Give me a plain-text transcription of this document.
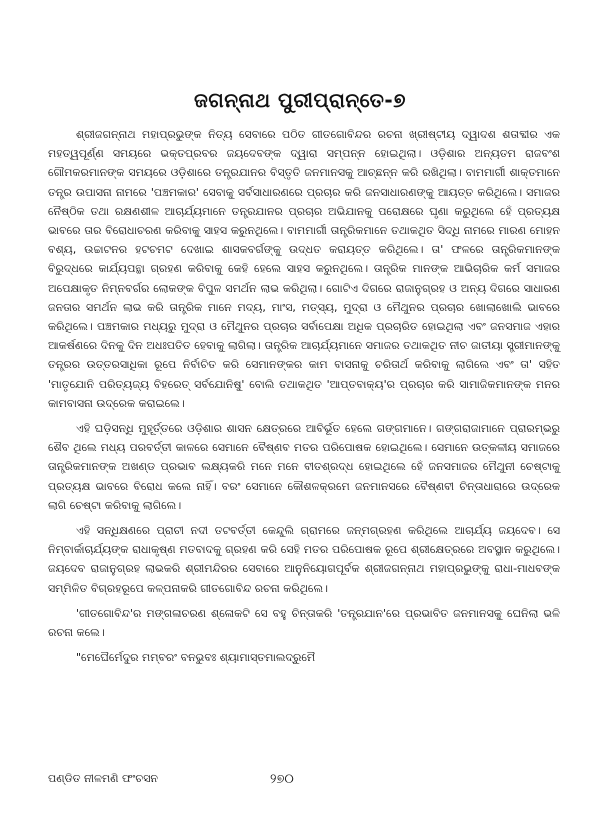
ଜଗନ୍ନାଥ ପୁରୀପ୍ରାନ୍ତେ-୭

ଶ୍ରୀଜଗନ୍ନାଥ ମହାପ୍ରଭୁଙ୍କ ନିତ୍ୟ ସେବାରେ ପଠିତ ଗୀତଗୋବିନ୍ଦର ରଚନା ଖ୍ରୀଷ୍ଟୀୟ ଦ୍ୱାଦଶ ଶତାବ୍ଦୀର ଏକ ମହତ୍ୱପୂର୍ଣ୍ଣ ସମୟରେ ଭକ୍ତପ୍ରବର ଜୟଦେବଙ୍କ ଦ୍ୱାରା ସମ୍ପନ୍ନ ହୋଇଥିଲା। ଓଡ଼ିଶାର ଅନ୍ୟତମ ରାଜବଂଶ ଗୌମକରମାନଙ୍କ ସମୟରେ ଓଡ଼ିଶାରେ ତନ୍ତ୍ରଯାନର ବିସ୍ତୃତି ଜନମାନସକୁ ଆଚ୍ଛନ୍ନ କରି ରଖିଥିଲା। ବାମମାର୍ଗୀ ଶାକ୍ତମାନେ ତନ୍ତ୍ର ଉପାସନା ନାମରେ 'ପଞ୍ଚମକାର' ସେବାକୁ ସର୍ବସାଧାରଣରେ ପ୍ରଚାର କରି ଜନସାଧାରଣଙ୍କୁ ଆୟତ୍ତ କରିଥିଲେ। ସମାଜର ନୈଷ୍ଠିକ ତଥା ରକ୍ଷଣଶୀଳ ଆଚାର୍ଯ୍ୟମାନେ ତନ୍ତ୍ରଯାନର ପ୍ରଚାର ଅଭିଯାନକୁ ପରୋକ୍ଷରେ ଘୃଣା କରୁଥିଲେ ହେଁ ପ୍ରତ୍ୟକ୍ଷ ଭାବରେ ତାର ବିରୋଧାଚରଣ କରିବାକୁ ସାହସ କରୁନଥିଲେ। ବାମମାର୍ଗୀ ତାନ୍ତ୍ରିକମାନେ ତଥାକଥିତ ସିଦ୍ଧି ନାମରେ ମାରଣ ମୋହନ ବଶ୍ୟ, ଉଚ୍ଚାଟନର ହଟଚମଟ ଦେଖାଇ ଶାସକବର୍ଗଙ୍କୁ ଉଦ୍ଧତ କରାୟତ୍ତ କରିଥିଲେ। ତା' ଫଳରେ ତାନ୍ତ୍ରିକମାନଙ୍କ ବିରୁଦ୍ଧରେ କାର୍ଯ୍ୟପନ୍ଥା ଗ୍ରହଣ କରିବାକୁ କେହି ହେଲେ ସାହସ କରୁନଥିଲେ। ତାନ୍ତ୍ରିକ ମାନଙ୍କ ଆଭିଚାରିକ କର୍ମ ସମାଜର ଅପେକ୍ଷାକୃତ ନିମ୍ନବର୍ଗର ଲୋକଙ୍କ ବିପୁଳ ସମର୍ଥନ ଲାଭ କରିଥିଲା। ଗୋଟିଏ ଦିଗରେ ରାଜାନୁଗ୍ରହ ଓ ଅନ୍ୟ ଦିଗରେ ସାଧାରଣ ଜନତାର ସମର୍ଥନ ଲାଭ କରି ତାନ୍ତ୍ରିକ ମାନେ ମଦ୍ୟ, ମାଂସ, ମତ୍ସ୍ୟ, ମୁଦ୍ରା ଓ ମୈଥୁନର ପ୍ରଚାର ଖୋଲାଖୋଲି ଭାବରେ କରିଥିଲେ। ପଞ୍ଚମକାର ମଧ୍ୟରୁ ମୁଦ୍ରା ଓ ମୈଥୁନର ପ୍ରଚାର ସର୍ବାପେକ୍ଷା ଅଧିକ ପ୍ରଚାରିତ ହୋଇଥିଲା ଏବଂ ଜନସମାଜ ଏହାର ଆକର୍ଷଣରେ ଦିନକୁ ଦିନ ଅଧଃପତିତ ହେବାକୁ ଲାଗିଲା। ତାନ୍ତ୍ରିକ ଆଚାର୍ଯ୍ୟମାନେ ସମାଜର ତଥାକଥିତ ନୀଚ ଜାତୀୟା ସ୍ତ୍ରୀମାନଙ୍କୁ ତନ୍ତ୍ରର ଉତ୍ତରସାଧିକା ରୂପେ ନିର୍ବାଚିତ କରି ସେମାନଙ୍କର କାମ ବାସନାକୁ ଚରିତାର୍ଥ କରିବାକୁ ଲାଗିଲେ ଏବଂ ତା' ସହିତ 'ମାତୃଯୋନି ପରିତ୍ୟଜ୍ୟ ବିହରେତ୍ ସର୍ବଯୋନିଷୁ' ବୋଲି ତଥାକଥିତ 'ଆପ୍ତବାକ୍ୟ'ର ପ୍ରଚାର କରି ସାମାଜିକମାନଙ୍କ ମନର କାମବାସନା ଉଦ୍ରେକ କରାଇଲେ।

ଏହି ଘଡ଼ିସନ୍ଧି ମୁହୂର୍ତ୍ତରେ ଓଡ଼ିଶାର ଶାସନ କ୍ଷେତ୍ରରେ ଆବିର୍ଭୂତ ହେଲେ ଗଙ୍ଗମାନେ। ଗଙ୍ଗରାଜାମାନେ ପ୍ରାରମ୍ଭରୁ ଶୈବ ଥିଲେ ମଧ୍ୟ ପରବର୍ତ୍ତୀ କାଳରେ ସେମାନେ ବୈଷ୍ଣବ ମତର ପରିପୋଷକ ହୋଇଥିଲେ। ସେମାନେ ଉତ୍କଳୀୟ ସମାଜରେ ତାନ୍ତ୍ରିକମାନଙ୍କ ଅଖଣ୍ଡ ପ୍ରଭାବ ଲକ୍ଷ୍ୟକରି ମନେ ମନେ ବୀତଶ୍ରଦ୍ଧ ହୋଇଥିଲେ ହେଁ ଜନସମାଜର ମୈଥୁନୀ ଚେଷ୍ଟାକୁ ପ୍ରତ୍ୟକ୍ଷ ଭାବରେ ବିରୋଧ କଲେ ନାହିଁ। ବରଂ ସେମାନେ କୌଶଳକ୍ରମେ ଜନମାନସରେ ବୈଷ୍ଣବୀ ଚିନ୍ତାଧାରାରେ ଉଦ୍ରେକ ଲାଗି ଚେଷ୍ଟା କରିବାକୁ ଲାଗିଲେ।

ଏହି ସନ୍ଧିକ୍ଷଣରେ ପ୍ରାଚୀ ନଦୀ ତଟବର୍ତ୍ତୀ କେନ୍ଦୁଲି ଗ୍ରାମରେ ଜନ୍ମଗ୍ରହଣ କରିଥିଲେ ଆଚାର୍ଯ୍ୟ ଜୟଦେବ। ସେ ନିମ୍ବାର୍କାଚାର୍ଯ୍ୟଙ୍କ ରାଧାକୃଷ୍ଣ ମତବାଦକୁ ଗ୍ରହଣ କରି ସେହି ମତର ପରିପୋଷକ ରୂପେ ଶ୍ରୀକ୍ଷେତ୍ରରେ ଅବସ୍ଥାନ କରୁଥିଲେ। ଜୟଦେବ ରାଜାନୁଗ୍ରହ ଲାଭକରି ଶ୍ରୀମନ୍ଦିରର ସେବାରେ ଆନୁନିୟୋଗପୂର୍ବକ ଶ୍ରୀଜଗନ୍ନାଥ ମହାପ୍ରଭୁଙ୍କୁ ରାଧା-ମାଧବଙ୍କ ସମ୍ମିଳିତ ବିଗ୍ରହରୂପେ କଳ୍ପନାକରି ଗୀତଗୋବିନ୍ଦ ରଚନା କରିଥିଲେ।

'ଗୀତଗୋବିନ୍ଦ'ର ମଙ୍ଗଳାଚରଣ ଶ୍ଳୋକଟି ସେ ବହୁ ଚିନ୍ତାକରି 'ତନ୍ତ୍ରଯାନ'ରେ ପ୍ରଭାବିତ ଜନମାନସକୁ ଘେନିଲା ଭଳି ରଚନା କଲେ।

"ମେଘୈର୍ମେଦୁର ମମ୍ବରଂ ବନଭୁବଃ ଶ୍ୟାମାସ୍ତମାଲଦ୍ରୁମୈ

ପଣ୍ଡିତ ନୀଳମଣି ଫଂଚସନ	୨୭୦
